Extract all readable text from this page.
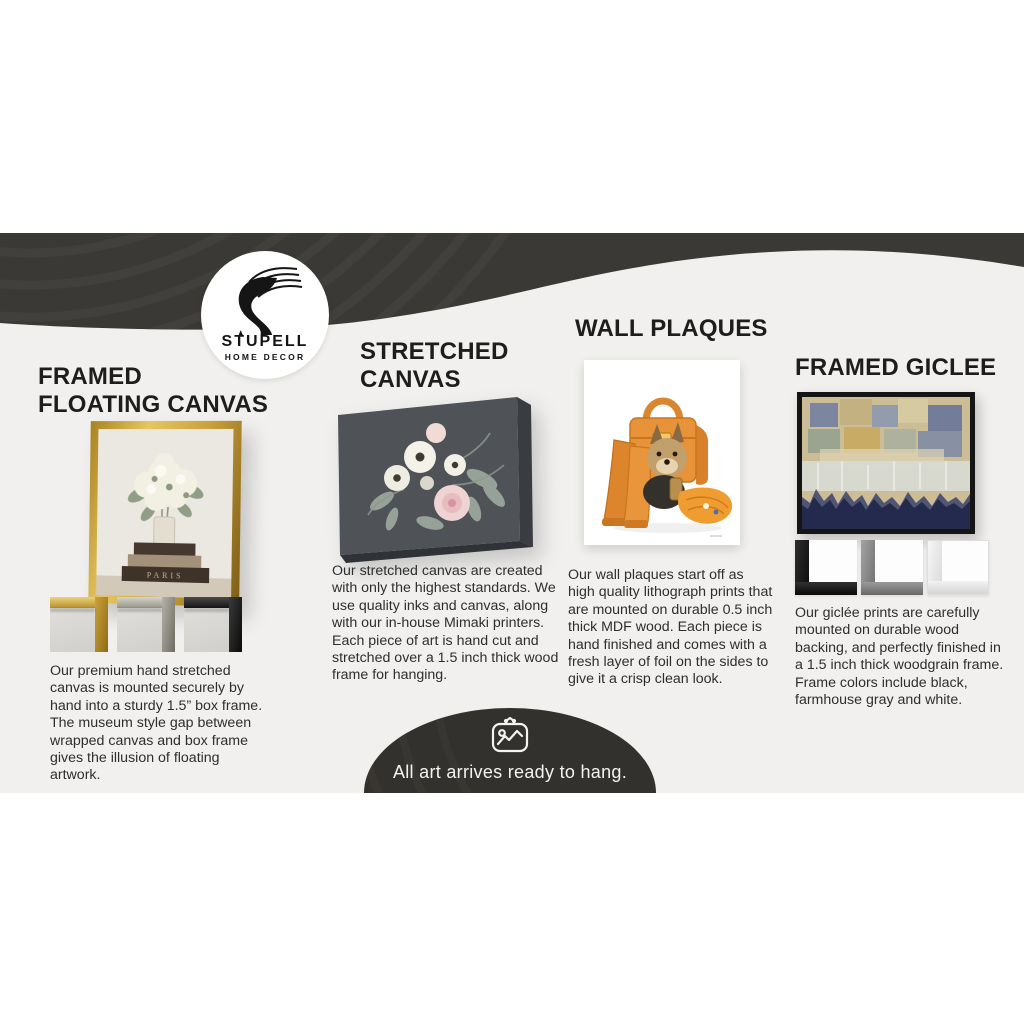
STUPELL
HOME DECOR
FRAMED
FLOATING CANVAS
PARIS
Our premium hand stretched canvas is mounted securely by hand into a sturdy 1.5” box frame. The museum style gap between wrapped canvas and box frame gives the illusion of floating artwork.
STRETCHED
CANVAS
Our stretched canvas are created with only the highest standards. We use quality inks and canvas, along with our in-house Mimaki printers. Each piece of art is hand cut and stretched over a 1.5 inch thick wood frame for hanging.
WALL PLAQUES
Our wall plaques start off as high quality lithograph prints that are mounted on durable 0.5 inch thick MDF wood. Each piece is hand finished and comes with a fresh layer of foil on the sides to give it a crisp clean look.
FRAMED GICLEE
Our giclée prints are carefully mounted on durable wood backing, and perfectly finished in a 1.5 inch thick woodgrain frame. Frame colors include black, farmhouse gray and white.
All art arrives ready to hang.
